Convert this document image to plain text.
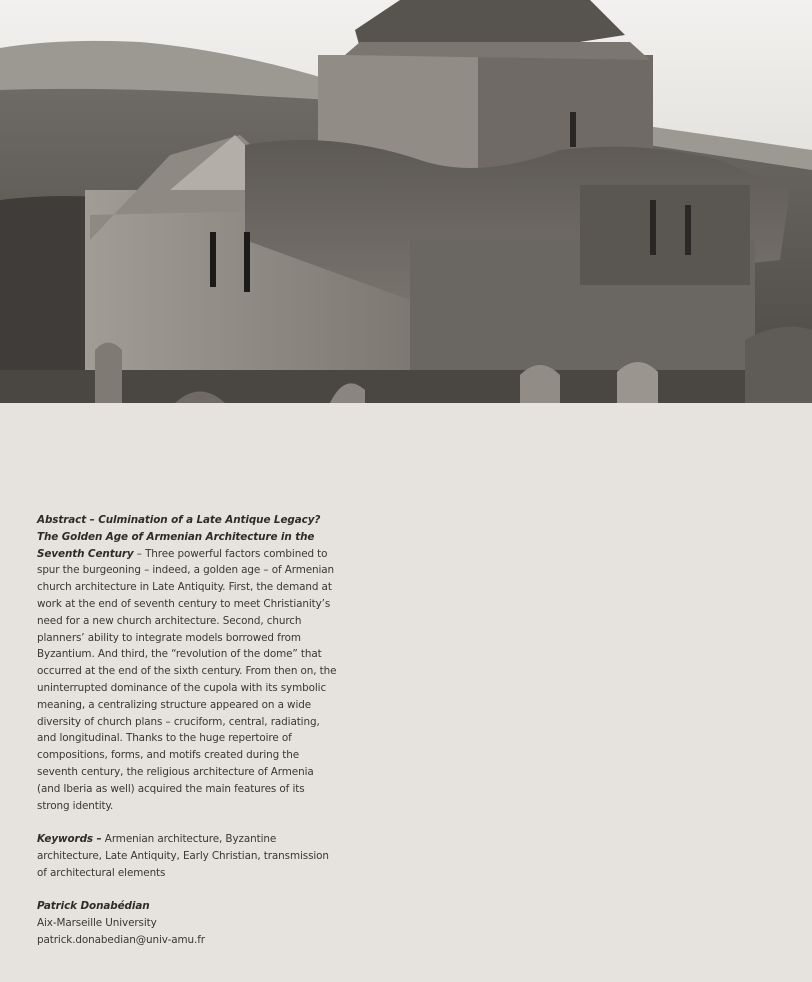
Abstract – Culmination of a Late Antique Legacy? The Golden Age of Armenian Architecture in the Seventh Century – Three powerful factors combined to spur the burgeoning – indeed, a golden age – of Armenian church architecture in Late Antiquity. First, the demand at work at the end of seventh century to meet Christianity’s need for a new church architecture. Second, church planners’ ability to integrate models borrowed from Byzantium. And third, the “revolution of the dome” that occurred at the end of the sixth century. From then on, the uninterrupted dominance of the cupola with its symbolic meaning, a centralizing structure appeared on a wide diversity of church plans – cruciform, central, radiating, and longitudinal. Thanks to the huge repertoire of compositions, forms, and motifs created during the seventh century, the religious architecture of Armenia (and Iberia as well) acquired the main features of its strong identity.

Keywords – Armenian architecture, Byzantine architecture, Late Antiquity, Early Christian, transmission of architectural elements

Patrick Donabédian
Aix-Marseille University
patrick.donabedian@univ-amu.fr
